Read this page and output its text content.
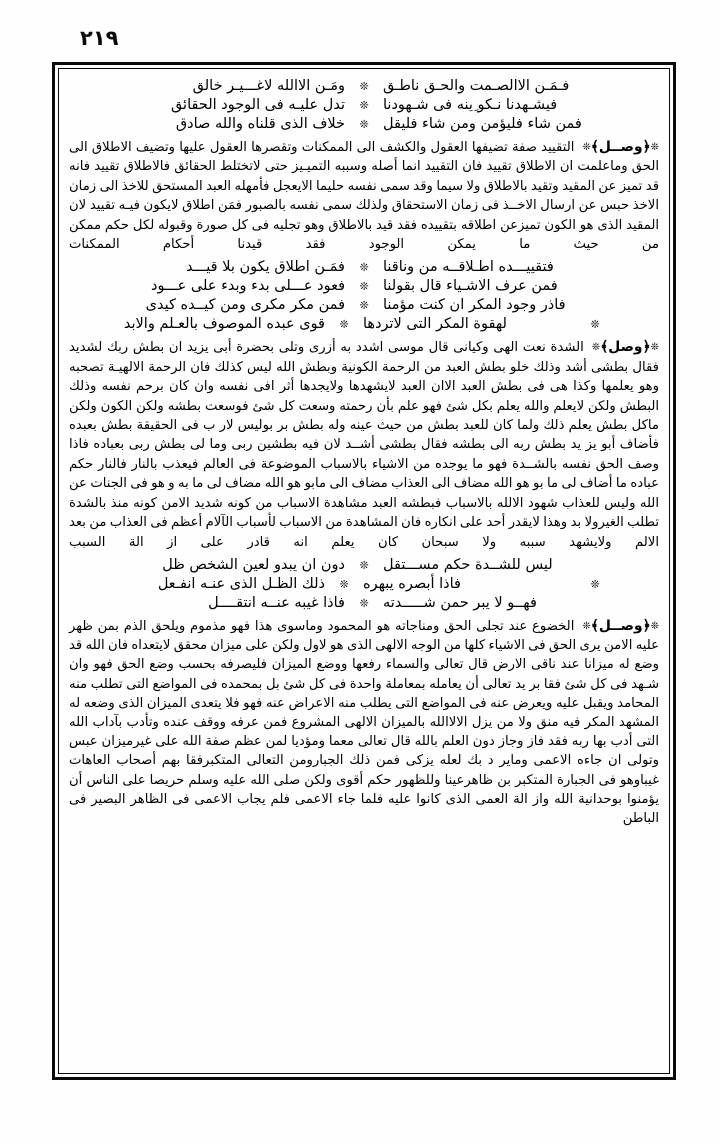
٢١٩
فـمَـن الاالصـمت والحـق ناطـق
❊
ومَـن الاالله لاغـــيـر خالق
فيشـهدنا نـكو ِينه فى شـهودنا
❊
تدل عليـه فى الوجود الحقائق
فمن شاء فليؤمن ومن شاء فليقل
❊
خلاف الذى قلناه والله صادق
❊﴿وصــل﴾❊التقييد صفة تضيفها العقول والكشف الى الممكنات وتقصرها العقول عليها وتضيف الاطلاق الى الحق وماعلمت ان الاطلاق تقييد فان التقييد انما أصله وسببه التميـيز حتى لاتختلط الحقائق فالاطلاق تقييد فانه قد تميز عن المقيد وتقيد بالاطلاق ولا سيما وقد سمى نفسه حليما الايعجل فأمهله العبد المستحق للاخذ الى زمان الاخذ حبس عن ارسال الاخــذ فى زمان الاستحقاق ولذلك سمى نفسه بالصبور فمَن اطلاق لايكون فيـه تقييد لان المقيد الذى هو الكون تميزعن اطلاقه بتقييده فقد قيد بالاطلاق وهو تجليه فى كل صورة وقبوله لكل حكم ممكن من حيث ما يمكن الوجود فقد قيدنا أحكام الممكنات
فتقييـــده اطـلاقــه من وناقنا
❊
فمَـن اطلاق يكون بلا قيـــد
فمن عرف الاشـياء قال بقولنا
❊
فعود عـــلى بدء وبدء على عـــود
فاذر وجود المكر ان كنت مؤمنا
❊
فمن مكر مكرى ومن كيــده كيدى
❊
لهقوة المكر التى لاتردها
❊
قوى عبده الموصوف بالعـلم والابد
❊﴿وصل﴾❊الشدة نعت الهى وكيانى قال موسى اشدد به أزرى وتلى بحضرة أبى يزيد ان بطش ربك لشديد فقال بطشى أشد وذلك خلو بطش العبد من الرحمة الكونية وبطش الله ليس كذلك فان الرحمة الالهيـة تصحبه وهو يعلمها وكذا هى فى بطش العبد الاان العبد لايشهدها ولايجدها أثر افى نفسه وان كان برحم نفسه وذلك البطش ولكن لايعلم والله يعلم بكل شئ فهو علم بأن رحمته وسعت كل شئ فوسعت بطشه ولكن الكون ولكن ماكل بطش يعلم ذلك ولما كان للعبد بطش من حيث عينه وله بطش بر بوليس لار ب فى الحقيقة بطش بعبده فأضاف أبو يز يد بطش ربه الى بطشه فقال بطشى أشــد لان فيه بطشين ربى وما لى بطش ربى بعباده فاذا وصف الحق نفسه بالشــدة فهو ما يوجده من الاشياء بالاسباب الموضوعة فى العالم فيعذب بالنار فالنار حكم عباده ما أضاف لى ما بو هو الله مضاف الى العذاب مضاف الى مابو هو الله مضاف لى ما به و هو فى الجنات عن الله وليس للعذاب شهود الالله بالاسباب فبطشه العبد مشاهدة الاسباب من كونه شديد الامن كونه منذ بالشدة تطلب الغيرولا بد وهذا لايقدر أحد على انكاره فان المشاهدة من الاسباب لأسباب الآلام أعظم فى العذاب من بعد الالم ولايشهد سببه ولا سبحان كان يعلم انه قادر على از الة السبب
ليس للشــدة حكم مســـتقل
❊
دون ان يبدو لعين الشخص ظل
❊
فاذا أبصره يبهره
❊
ذلك الظـل الذى عنـه انفـعل
فهــو لا يبر حمن شـــــدته
❊
فاذا غيبه عنــه انتقــــل
❊﴿وصــل﴾❊الخضوع عند تجلى الحق ومناجاته هو المحمود وماسوى هذا فهو مذموم ويلحق الذم بمن ظهر عليه الامن يرى الحق فى الاشياء كلها من الوجه الالهى الذى هو لاول ولكن على ميزان محقق لايتعداه فان الله قد وضع له ميزانا عند ناقى الارض قال تعالى والسماء رفعها ووضع الميزان فليصرفه بحسب وضع الحق فهو وان شـهد فى كل شئ فقا بر يد تعالى أن يعامله بمعاملة واحدة فى كل شئ بل بمحمده فى المواضع التى تطلب منه المحامد ويقبل عليه ويعرض عنه فى المواضع التى يطلب منه الاعراض عنه فهو فلا يتعدى الميزان الذى وضعه له المشهد المكر فيه منق ولا من يزل الالاالله بالميزان الالهى المشروع فمن عرفه ووقف عنده وتأدب بآداب الله التى أدب بها ربه فقد فاز وجاز دون العلم بالله قال تعالى معما ومؤديا لمن عظم صفة الله على غيرميزان عبس وتولى ان جاءه الاعمى وماير د بك لعله يزكى فمن ذلك الجبارومن التعالى المتكبرفقا بهم أصحاب العاهات غيباوهو فى الجبارة المتكبر بن ظاهرعينا وللظهور حكم أقوى ولكن صلى الله عليه وسلم حريصا على الناس أن يؤمنوا بوحدانية الله واز الة العمى الذى كانوا عليه فلما جاء الاعمى فلم يجاب الاعمى فى الظاهر البصير فى الباطن
